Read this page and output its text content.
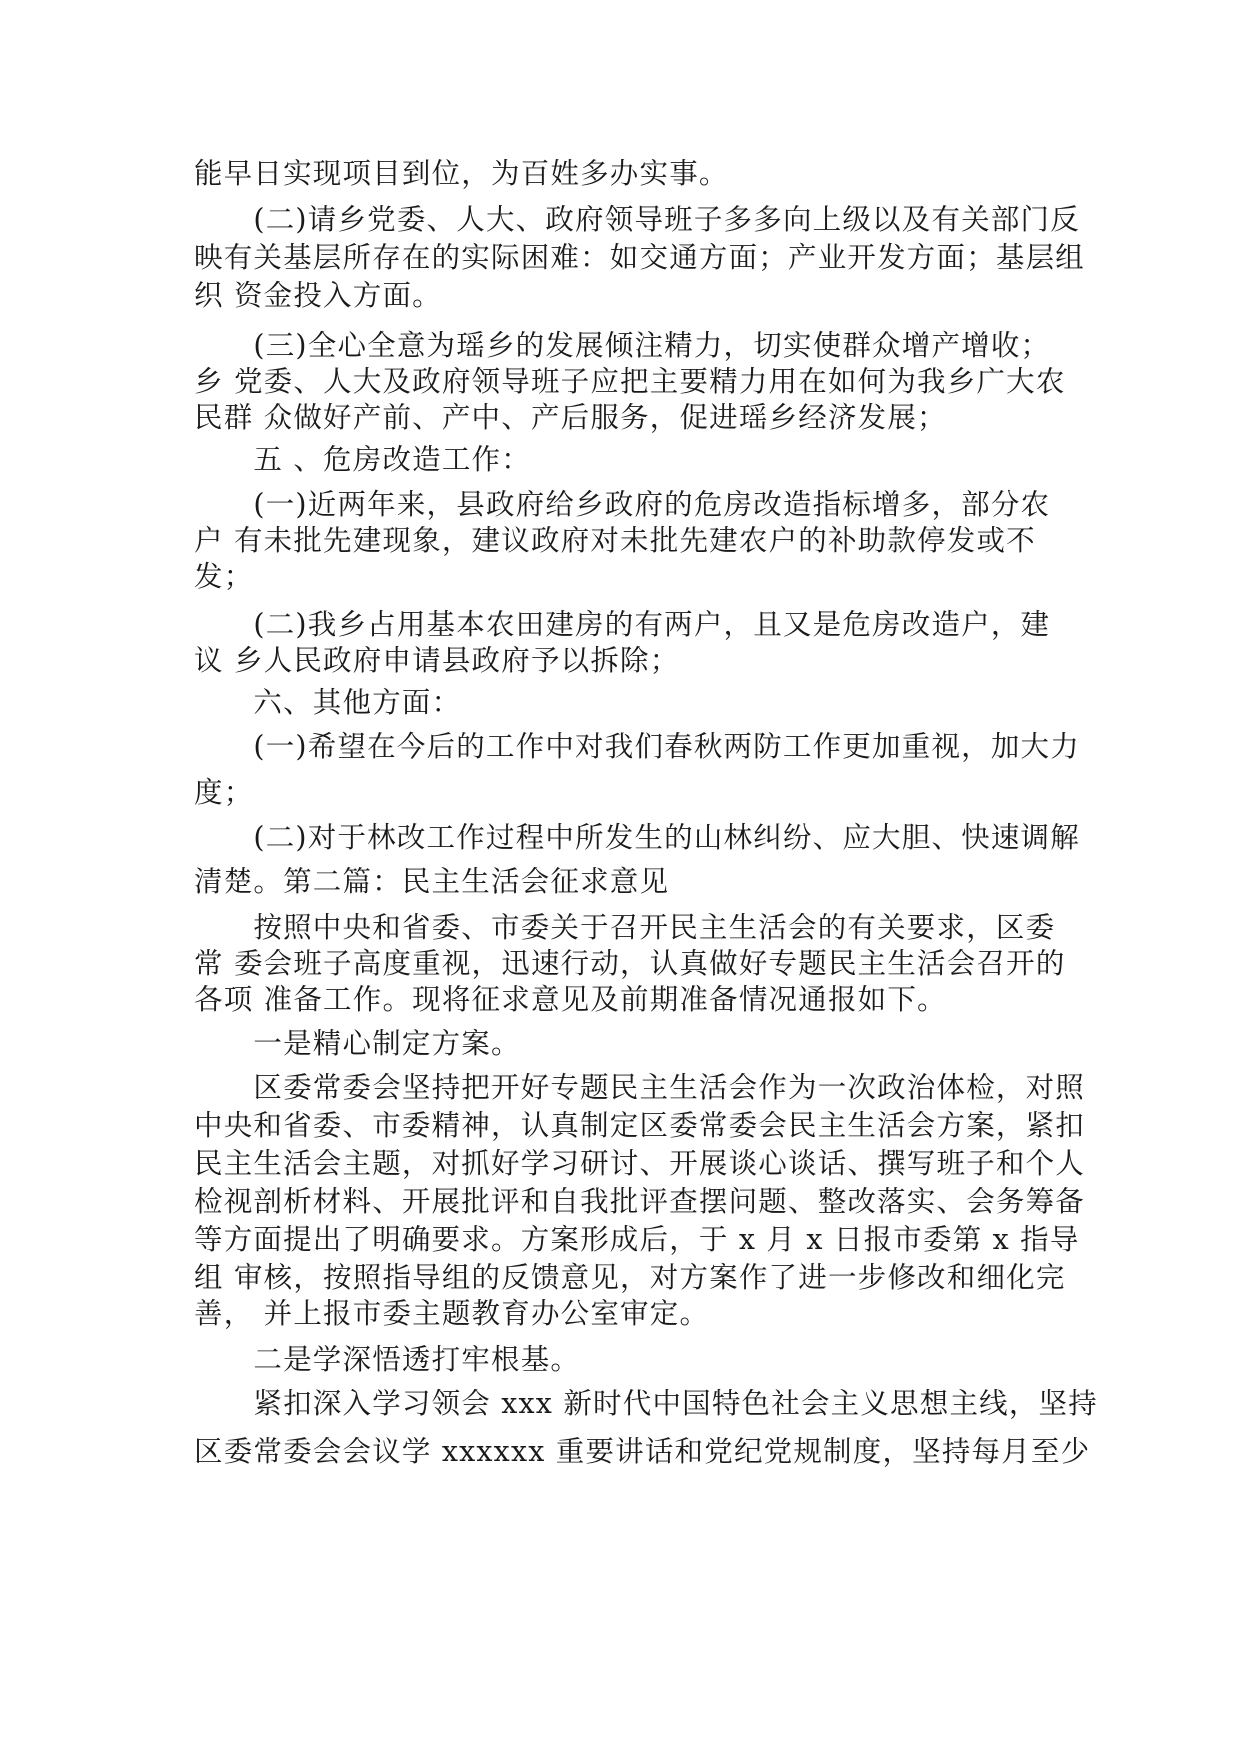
能早日实现项目到位，为百姓多办实事。
　　(二)请乡党委、人大、政府领导班子多多向上级以及有关部门反
映有关基层所存在的实际困难：如交通方面；产业开发方面；基层组
织 资金投入方面。
　　(三)全心全意为瑶乡的发展倾注精力，切实使群众增产增收；
乡 党委、人大及政府领导班子应把主要精力用在如何为我乡广大农
民群 众做好产前、产中、产后服务，促进瑶乡经济发展；
　　五 、危房改造工作：
　　(一)近两年来，县政府给乡政府的危房改造指标增多，部分农
户 有未批先建现象，建议政府对未批先建农户的补助款停发或不
发；
　　(二)我乡占用基本农田建房的有两户，且又是危房改造户，建
议 乡人民政府申请县政府予以拆除；
　　六、其他方面：
　　(一)希望在今后的工作中对我们春秋两防工作更加重视，加大力
度；
　　(二)对于林改工作过程中所发生的山林纠纷、应大胆、快速调解
清楚。第二篇：民主生活会征求意见
　　按照中央和省委、市委关于召开民主生活会的有关要求，区委
常 委会班子高度重视，迅速行动，认真做好专题民主生活会召开的
各项 准备工作。现将征求意见及前期准备情况通报如下。
　　一是精心制定方案。
　　区委常委会坚持把开好专题民主生活会作为一次政治体检，对照
中央和省委、市委精神，认真制定区委常委会民主生活会方案，紧扣
民主生活会主题，对抓好学习研讨、开展谈心谈话、撰写班子和个人
检视剖析材料、开展批评和自我批评查摆问题、整改落实、会务筹备
等方面提出了明确要求。方案形成后，于 x 月 x 日报市委第 x 指导
组 审核，按照指导组的反馈意见，对方案作了进一步修改和细化完
善， 并上报市委主题教育办公室审定。
　　二是学深悟透打牢根基。
　　紧扣深入学习领会 xxx 新时代中国特色社会主义思想主线，坚持
区委常委会会议学 xxxxxx 重要讲话和党纪党规制度，坚持每月至少
